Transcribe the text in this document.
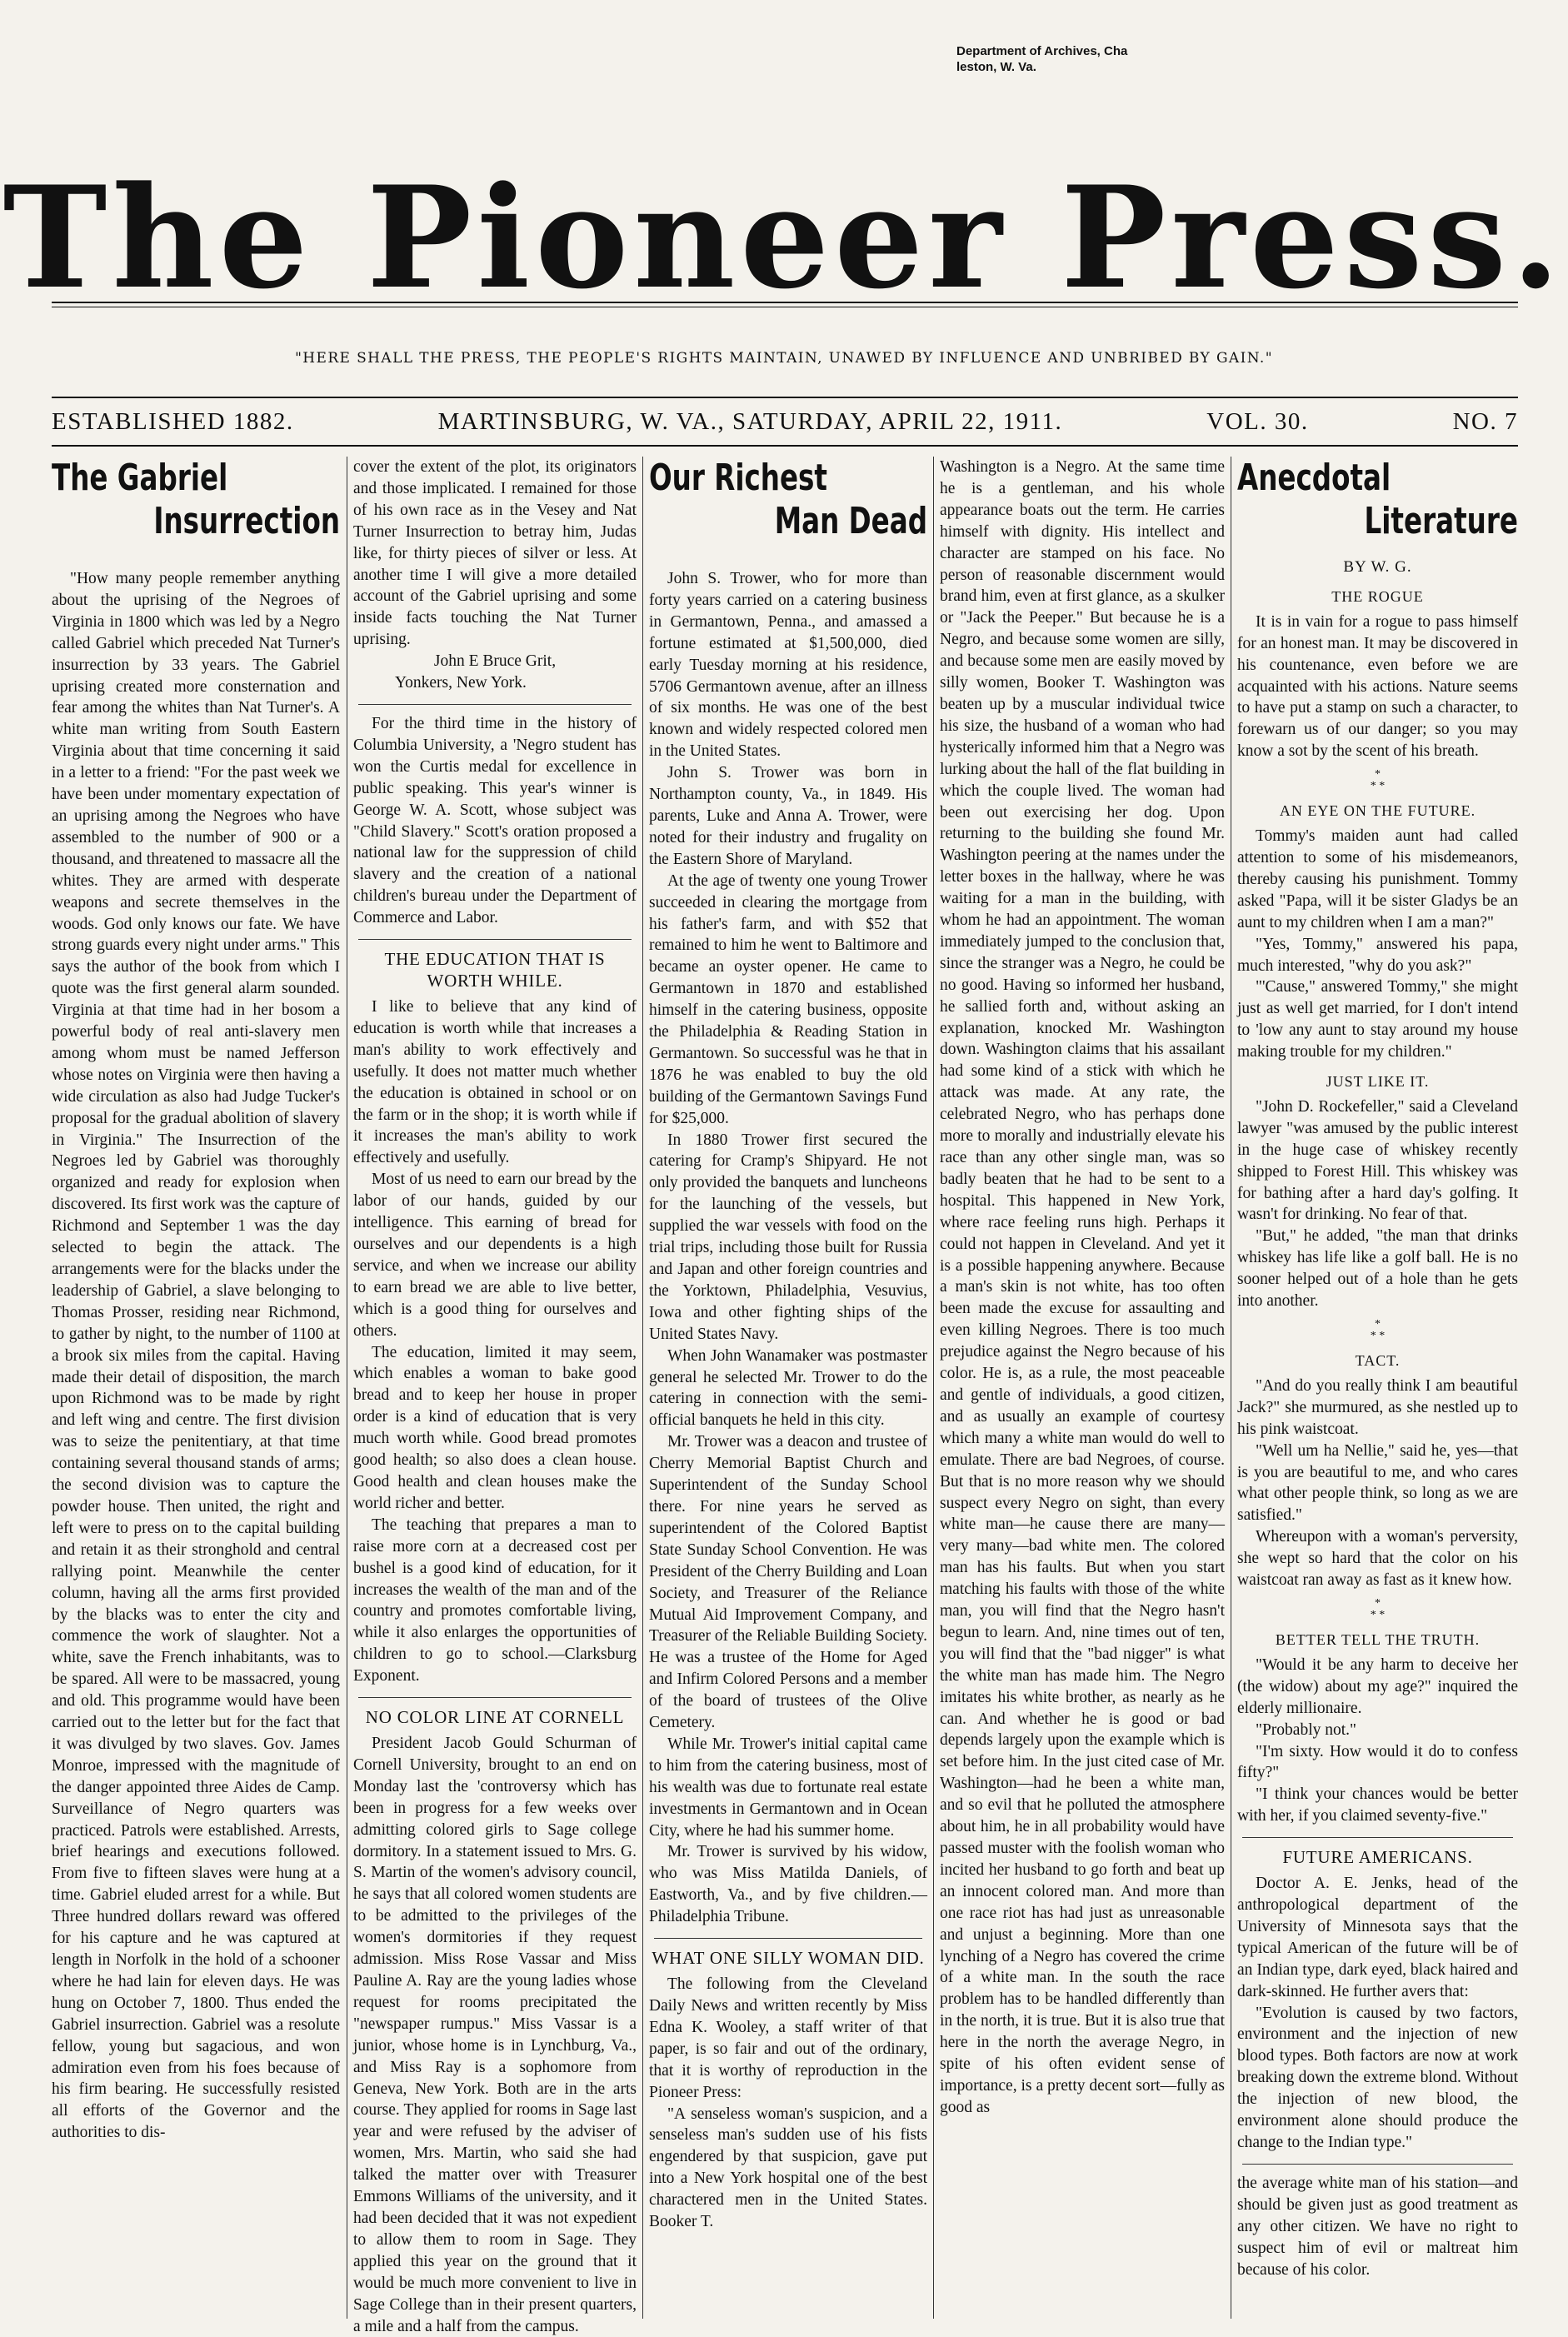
Department of Archives, Cha
leston, W. Va.
The Pioneer Press.
"HERE SHALL THE PRESS, THE PEOPLE'S RIGHTS MAINTAIN, UNAWED BY INFLUENCE AND UNBRIBED BY GAIN."
ESTABLISHED 1882.	MARTINSBURG, W. VA., SATURDAY, APRIL 22, 1911.	VOL. 30.	NO. 7
The Gabriel
Insurrection

"How many people remember anything about the uprising of the Negroes of Virginia in 1800 which was led by a Negro called Gabriel which preceded Nat Turner's insurrection by 33 years. The Gabriel uprising created more consternation and fear among the whites than Nat Turner's. A white man writing from South Eastern Virginia about that time concerning it said in a letter to a friend: "For the past week we have been under momentary expectation of an uprising among the Negroes who have assembled to the number of 900 or a thousand, and threatened to massacre all the whites. They are armed with desperate weapons and secrete themselves in the woods. God only knows our fate. We have strong guards every night under arms." This says the author of the book from which I quote was the first general alarm sounded. Virginia at that time had in her bosom a powerful body of real anti-slavery men among whom must be named Jefferson whose notes on Virginia were then having a wide circulation as also had Judge Tucker's proposal for the gradual abolition of slavery in Virginia." The Insurrection of the Negroes led by Gabriel was thoroughly organized and ready for explosion when discovered. Its first work was the capture of Richmond and September 1 was the day selected to begin the attack. The arrangements were for the blacks under the leadership of Gabriel, a slave belonging to Thomas Prosser, residing near Richmond, to gather by night, to the number of 1100 at a brook six miles from the capital. Having made their detail of disposition, the march upon Richmond was to be made by right and left wing and centre. The first division was to seize the penitentiary, at that time containing several thousand stands of arms; the second division was to capture the powder house. Then united, the right and left were to press on to the capital building and retain it as their stronghold and central rallying point. Meanwhile the center column, having all the arms first provided by the blacks was to enter the city and commence the work of slaughter. Not a white, save the French inhabitants, was to be spared. All were to be massacred, young and old. This programme would have been carried out to the letter but for the fact that it was divulged by two slaves. Gov. James Monroe, impressed with the magnitude of the danger appointed three Aides de Camp. Surveillance of Negro quarters was practiced. Patrols were established. Arrests, brief hearings and executions followed. From five to fifteen slaves were hung at a time. Gabriel eluded arrest for a while. But Three hundred dollars reward was offered for his capture and he was captured at length in Norfolk in the hold of a schooner where he had lain for eleven days. He was hung on October 7, 1800. Thus ended the Gabriel insurrection. Gabriel was a resolute fellow, young but sagacious, and won admiration even from his foes because of his firm bearing. He successfully resisted all efforts of the Governor and the authorities to dis-

cover the extent of the plot, its originators and those implicated. I remained for those of his own race as in the Vesey and Nat Turner Insurrection to betray him, Judas like, for thirty pieces of silver or less. At another time I will give a more detailed account of the Gabriel uprising and some inside facts touching the Nat Turner uprising.

John E Bruce Grit,

Yonkers, New York.

For the third time in the history of Columbia University, a 'Negro student has won the Curtis medal for excellence in public speaking. This year's winner is George W. A. Scott, whose subject was "Child Slavery." Scott's oration proposed a national law for the suppression of child slavery and the creation of a national children's bureau under the Department of Commerce and Labor.

THE EDUCATION THAT IS WORTH WHILE.

I like to believe that any kind of education is worth while that increases a man's ability to work effectively and usefully. It does not matter much whether the education is obtained in school or on the farm or in the shop; it is worth while if it increases the man's ability to work effectively and usefully.

Most of us need to earn our bread by the labor of our hands, guided by our intelligence. This earning of bread for ourselves and our dependents is a high service, and when we increase our ability to earn bread we are able to live better, which is a good thing for ourselves and others.

The education, limited it may seem, which enables a woman to bake good bread and to keep her house in proper order is a kind of education that is very much worth while. Good bread promotes good health; so also does a clean house. Good health and clean houses make the world richer and better.

The teaching that prepares a man to raise more corn at a decreased cost per bushel is a good kind of education, for it increases the wealth of the man and of the country and promotes comfortable living, while it also enlarges the opportunities of children to go to school.—Clarksburg Exponent.

NO COLOR LINE AT CORNELL

President Jacob Gould Schurman of Cornell University, brought to an end on Monday last the 'controversy which has been in progress for a few weeks over admitting colored girls to Sage college dormitory. In a statement issued to Mrs. G. S. Martin of the women's advisory council, he says that all colored women students are to be admitted to the privileges of the women's dormitories if they request admission. Miss Rose Vassar and Miss Pauline A. Ray are the young ladies whose request for rooms precipitated the "newspaper rumpus." Miss Vassar is a junior, whose home is in Lynchburg, Va., and Miss Ray is a sophomore from Geneva, New York. Both are in the arts course. They applied for rooms in Sage last year and were refused by the adviser of women, Mrs. Martin, who said she had talked the matter over with Treasurer Emmons Williams of the university, and it had been decided that it was not expedient to allow them to room in Sage. They applied this year on the ground that it would be much more convenient to live in Sage College than in their present quarters, a mile and a half from the campus.

Our Richest
Man Dead

John S. Trower, who for more than forty years carried on a catering business in Germantown, Penna., and amassed a fortune estimated at $1,500,000, died early Tuesday morning at his residence, 5706 Germantown avenue, after an illness of six months. He was one of the best known and widely respected colored men in the United States.

John S. Trower was born in Northampton county, Va., in 1849. His parents, Luke and Anna A. Trower, were noted for their industry and frugality on the Eastern Shore of Maryland.

At the age of twenty one young Trower succeeded in clearing the mortgage from his father's farm, and with $52 that remained to him he went to Baltimore and became an oyster opener. He came to Germantown in 1870 and established himself in the catering business, opposite the Philadelphia & Reading Station in Germantown. So successful was he that in 1876 he was enabled to buy the old building of the Germantown Savings Fund for $25,000.

In 1880 Trower first secured the catering for Cramp's Shipyard. He not only provided the banquets and luncheons for the launching of the vessels, but supplied the war vessels with food on the trial trips, including those built for Russia and Japan and other foreign countries and the Yorktown, Philadelphia, Vesuvius, Iowa and other fighting ships of the United States Navy.

When John Wanamaker was postmaster general he selected Mr. Trower to do the catering in connection with the semi-official banquets he held in this city.

Mr. Trower was a deacon and trustee of Cherry Memorial Baptist Church and Superintendent of the Sunday School there. For nine years he served as superintendent of the Colored Baptist State Sunday School Convention. He was President of the Cherry Building and Loan Society, and Treasurer of the Reliance Mutual Aid Improvement Company, and Treasurer of the Reliable Building Society. He was a trustee of the Home for Aged and Infirm Colored Persons and a member of the board of trustees of the Olive Cemetery.

While Mr. Trower's initial capital came to him from the catering business, most of his wealth was due to fortunate real estate investments in Germantown and in Ocean City, where he had his summer home.

Mr. Trower is survived by his widow, who was Miss Matilda Daniels, of Eastworth, Va., and by five children.—Philadelphia Tribune.

WHAT ONE SILLY WOMAN DID.

The following from the Cleveland Daily News and written recently by Miss Edna K. Wooley, a staff writer of that paper, is so fair and out of the ordinary, that it is worthy of reproduction in the Pioneer Press:

"A senseless woman's suspicion, and a senseless man's sudden use of his fists engendered by that suspicion, gave put into a New York hospital one of the best charactered men in the United States. Booker T.

Washington is a Negro. At the same time he is a gentleman, and his whole appearance boats out the term. He carries himself with dignity. His intellect and character are stamped on his face. No person of reasonable discernment would brand him, even at first glance, as a skulker or "Jack the Peeper." But because he is a Negro, and because some women are silly, and because some men are easily moved by silly women, Booker T. Washington was beaten up by a muscular individual twice his size, the husband of a woman who had hysterically informed him that a Negro was lurking about the hall of the flat building in which the couple lived. The woman had been out exercising her dog. Upon returning to the building she found Mr. Washington peering at the names under the letter boxes in the hallway, where he was waiting for a man in the building, with whom he had an appointment. The woman immediately jumped to the conclusion that, since the stranger was a Negro, he could be no good. Having so informed her husband, he sallied forth and, without asking an explanation, knocked Mr. Washington down. Washington claims that his assailant had some kind of a stick with which he attack was made. At any rate, the celebrated Negro, who has perhaps done more to morally and industrially elevate his race than any other single man, was so badly beaten that he had to be sent to a hospital. This happened in New York, where race feeling runs high. Perhaps it could not happen in Cleveland. And yet it is a possible happening anywhere. Because a man's skin is not white, has too often been made the excuse for assaulting and even killing Negroes. There is too much prejudice against the Negro because of his color. He is, as a rule, the most peaceable and gentle of individuals, a good citizen, and as usually an example of courtesy which many a white man would do well to emulate. There are bad Negroes, of course. But that is no more reason why we should suspect every Negro on sight, than every white man—he cause there are many—very many—bad white men. The colored man has his faults. But when you start matching his faults with those of the white man, you will find that the Negro hasn't begun to learn. And, nine times out of ten, you will find that the "bad nigger" is what the white man has made him. The Negro imitates his white brother, as nearly as he can. And whether he is good or bad depends largely upon the example which is set before him. In the just cited case of Mr. Washington—had he been a white man, and so evil that he polluted the atmosphere about him, he in all probability would have passed muster with the foolish woman who incited her husband to go forth and beat up an innocent colored man. And more than one race riot has had just as unreasonable and unjust a beginning. More than one lynching of a Negro has covered the crime of a white man. In the south the race problem has to be handled differently than in the north, it is true. But it is also true that here in the north the average Negro, in spite of his often evident sense of importance, is a pretty decent sort—fully as good as

Anecdotal
Literature
BY W. G.
THE ROGUE

It is in vain for a rogue to pass himself for an honest man. It may be discovered in his countenance, even before we are acquainted with his actions. Nature seems to have put a stamp on such a character, to forewarn us of our danger; so you may know a sot by the scent of his breath.

*
* *
AN EYE ON THE FUTURE.

Tommy's maiden aunt had called attention to some of his misdemeanors, thereby causing his punishment. Tommy asked "Papa, will it be sister Gladys be an aunt to my children when I am a man?"

"Yes, Tommy," answered his papa, much interested, "why do you ask?"

"'Cause," answered Tommy," she might just as well get married, for I don't intend to 'low any aunt to stay around my house making trouble for my children."

JUST LIKE IT.

"John D. Rockefeller," said a Cleveland lawyer "was amused by the public interest in the huge case of whiskey recently shipped to Forest Hill. This whiskey was for bathing after a hard day's golfing. It wasn't for drinking. No fear of that.

"But," he added, "the man that drinks whiskey has life like a golf ball. He is no sooner helped out of a hole than he gets into another.

*
* *
TACT.

"And do you really think I am beautiful Jack?" she murmured, as she nestled up to his pink waistcoat.

"Well um ha Nellie," said he, yes—that is you are beautiful to me, and who cares what other people think, so long as we are satisfied."

Whereupon with a woman's perversity, she wept so hard that the color on his waistcoat ran away as fast as it knew how.

*
* *
BETTER TELL THE TRUTH.

"Would it be any harm to deceive her (the widow) about my age?" inquired the elderly millionaire.

"Probably not."

"I'm sixty. How would it do to confess fifty?"

"I think your chances would be better with her, if you claimed seventy-five."

FUTURE AMERICANS.

Doctor A. E. Jenks, head of the anthropological department of the University of Minnesota says that the typical American of the future will be of an Indian type, dark eyed, black haired and dark-skinned. He further avers that:

"Evolution is caused by two factors, environment and the injection of new blood types. Both factors are now at work breaking down the extreme blond. Without the injection of new blood, the environment alone should produce the change to the Indian type."

the average white man of his station—and should be given just as good treatment as any other citizen. We have no right to suspect him of evil or maltreat him because of his color.
